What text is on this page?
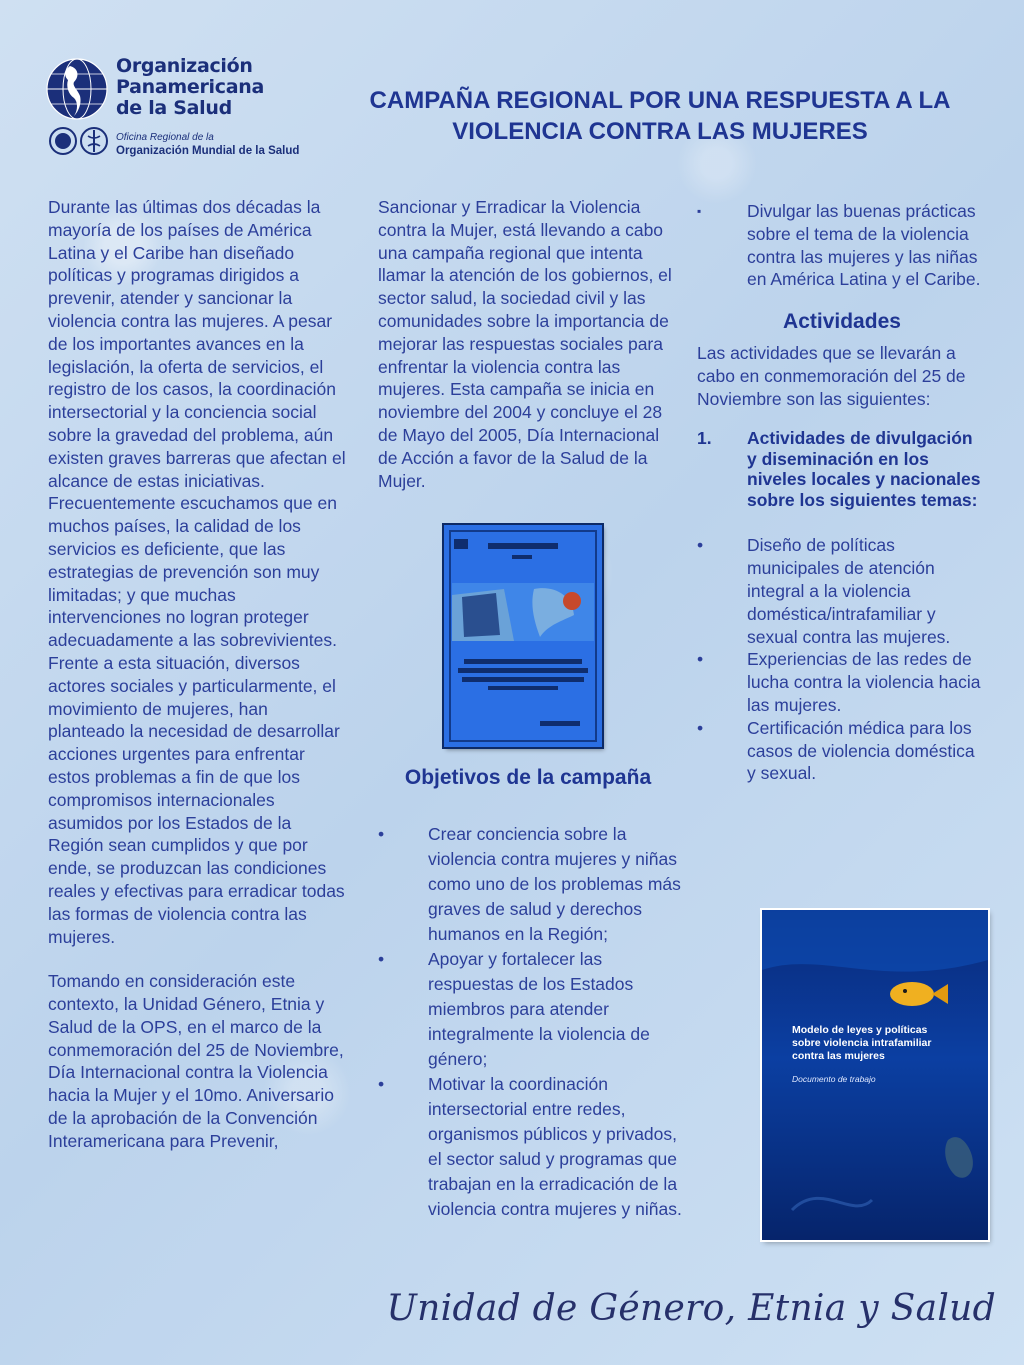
Organización
Panamericana
de la Salud
Oficina Regional de la
Organización Mundial de la Salud
CAMPAÑA REGIONAL POR UNA RESPUESTA A LA VIOLENCIA CONTRA LAS MUJERES

Durante las últimas dos décadas la mayoría de los países de América Latina y el Caribe han diseñado políticas y programas dirigidos a prevenir, atender y sancionar la violencia contra las mujeres. A pesar de los importantes avances en la legislación, la oferta de servicios, el registro de los casos, la coordinación intersectorial y la conciencia social sobre la gravedad del problema, aún existen graves barreras que afectan el alcance de estas iniciativas. Frecuentemente escuchamos que en muchos países, la calidad de los servicios es deficiente, que las estrategias de prevención son muy limitadas; y que muchas intervenciones no logran proteger adecuadamente a las sobrevivientes. Frente a esta situación, diversos actores sociales y particularmente, el movimiento de mujeres, han planteado la necesidad de desarrollar acciones urgentes para enfrentar estos problemas a fin de que los compromisos internacionales asumidos por los Estados de la Región sean cumplidos y que por ende, se produzcan las condiciones reales y efectivas para erradicar todas las formas de violencia contra las mujeres.

Tomando en consideración este contexto, la Unidad Género, Etnia y Salud de la OPS, en el marco de la conmemoración del 25 de Noviembre, Día Internacional contra la Violencia hacia la Mujer y el 10mo. Aniversario de la aprobación de la Convención Interamericana para Prevenir,

Sancionar y Erradicar la Violencia contra la Mujer, está llevando a cabo una campaña regional que intenta llamar la atención de los gobiernos, el sector salud, la sociedad civil y las comunidades sobre la importancia de mejorar las respuestas sociales para enfrentar la violencia contra las mujeres. Esta campaña se inicia en noviembre del 2004 y concluye el 28 de Mayo del 2005, Día Internacional de Acción a favor de la Salud de la Mujer.

Objetivos de la campaña
•	Crear conciencia sobre la violencia contra mujeres y niñas como uno de los problemas más graves de salud y derechos humanos en la Región;
•	Apoyar y fortalecer las respuestas de los Estados miembros para atender integralmente la violencia de género;
•	Motivar la coordinación intersectorial entre redes, organismos públicos y privados, el sector salud y programas que trabajan en la erradicación de la violencia contra mujeres y niñas.
▪	Divulgar las buenas prácticas sobre el tema de la violencia contra las mujeres y las niñas en América Latina y el Caribe.
Actividades

Las actividades que se llevarán a cabo en conmemoración del 25 de Noviembre son las siguientes:

1. Actividades de divulgación y diseminación en los niveles locales y nacionales sobre los siguientes temas:
•	Diseño de políticas municipales de atención integral a la violencia doméstica/intrafamiliar y sexual contra las mujeres.
•	Experiencias de las redes de lucha contra la violencia hacia las mujeres.
•	Certificación médica para los casos de violencia doméstica y sexual.
Modelo de leyes y políticas sobre violencia intrafamiliar contra las mujeres
Documento de trabajo
Unidad de Género, Etnia y Salud
